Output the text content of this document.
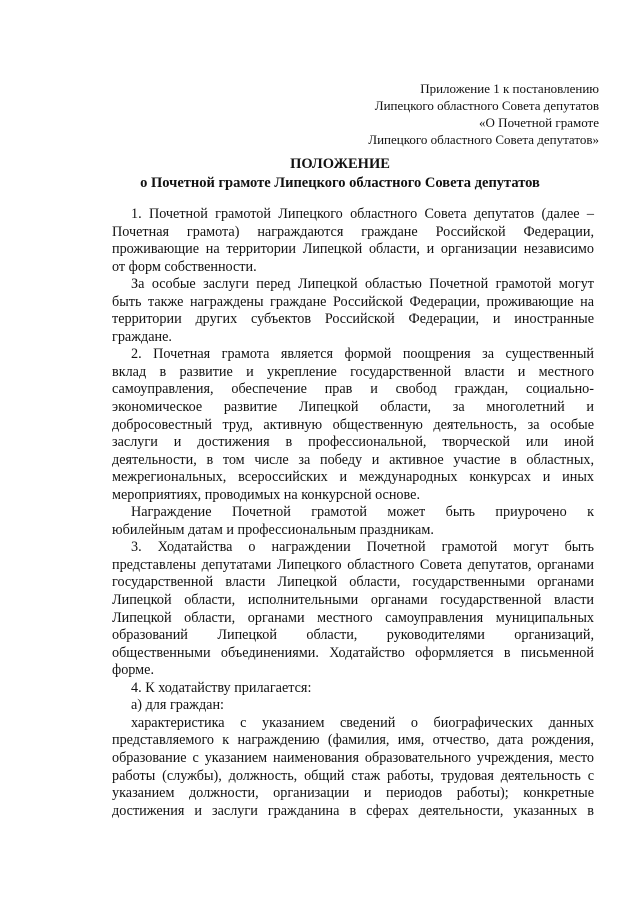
Приложение 1 к постановлению
Липецкого областного Совета депутатов
«О Почетной грамоте
Липецкого областного Совета депутатов»
ПОЛОЖЕНИЕ
о Почетной грамоте Липецкого областного Совета депутатов

1. Почетной грамотой Липецкого областного Совета депутатов (далее –
Почетная грамота) награждаются граждане Российской Федерации,
проживающие на территории Липецкой области, и организации независимо
от форм собственности.

За особые заслуги перед Липецкой областью Почетной грамотой могут
быть также награждены граждане Российской Федерации, проживающие на
территории других субъектов Российской Федерации, и иностранные
граждане.

2. Почетная грамота является формой поощрения за существенный
вклад в развитие и укрепление государственной власти и местного
самоуправления, обеспечение прав и свобод граждан, социально-
экономическое развитие Липецкой области, за многолетний и
добросовестный труд, активную общественную деятельность, за особые
заслуги и достижения в профессиональной, творческой или иной
деятельности, в том числе за победу и активное участие в областных,
межрегиональных, всероссийских и международных конкурсах и иных
мероприятиях, проводимых на конкурсной основе.

Награждение Почетной грамотой может быть приурочено к
юбилейным датам и профессиональным праздникам.

3. Ходатайства о награждении Почетной грамотой могут быть
представлены депутатами Липецкого областного Совета депутатов, органами
государственной власти Липецкой области, государственными органами
Липецкой области, исполнительными органами государственной власти
Липецкой области, органами местного самоуправления муниципальных
образований Липецкой области, руководителями организаций,
общественными объединениями. Ходатайство оформляется в письменной
форме.

4. К ходатайству прилагается:

а) для граждан:

характеристика с указанием сведений о биографических данных
представляемого к награждению (фамилия, имя, отчество, дата рождения,
образование с указанием наименования образовательного учреждения, место
работы (службы), должность, общий стаж работы, трудовая деятельность с
указанием должности, организации и периодов работы); конкретные
достижения и заслуги гражданина в сферах деятельности, указанных в
